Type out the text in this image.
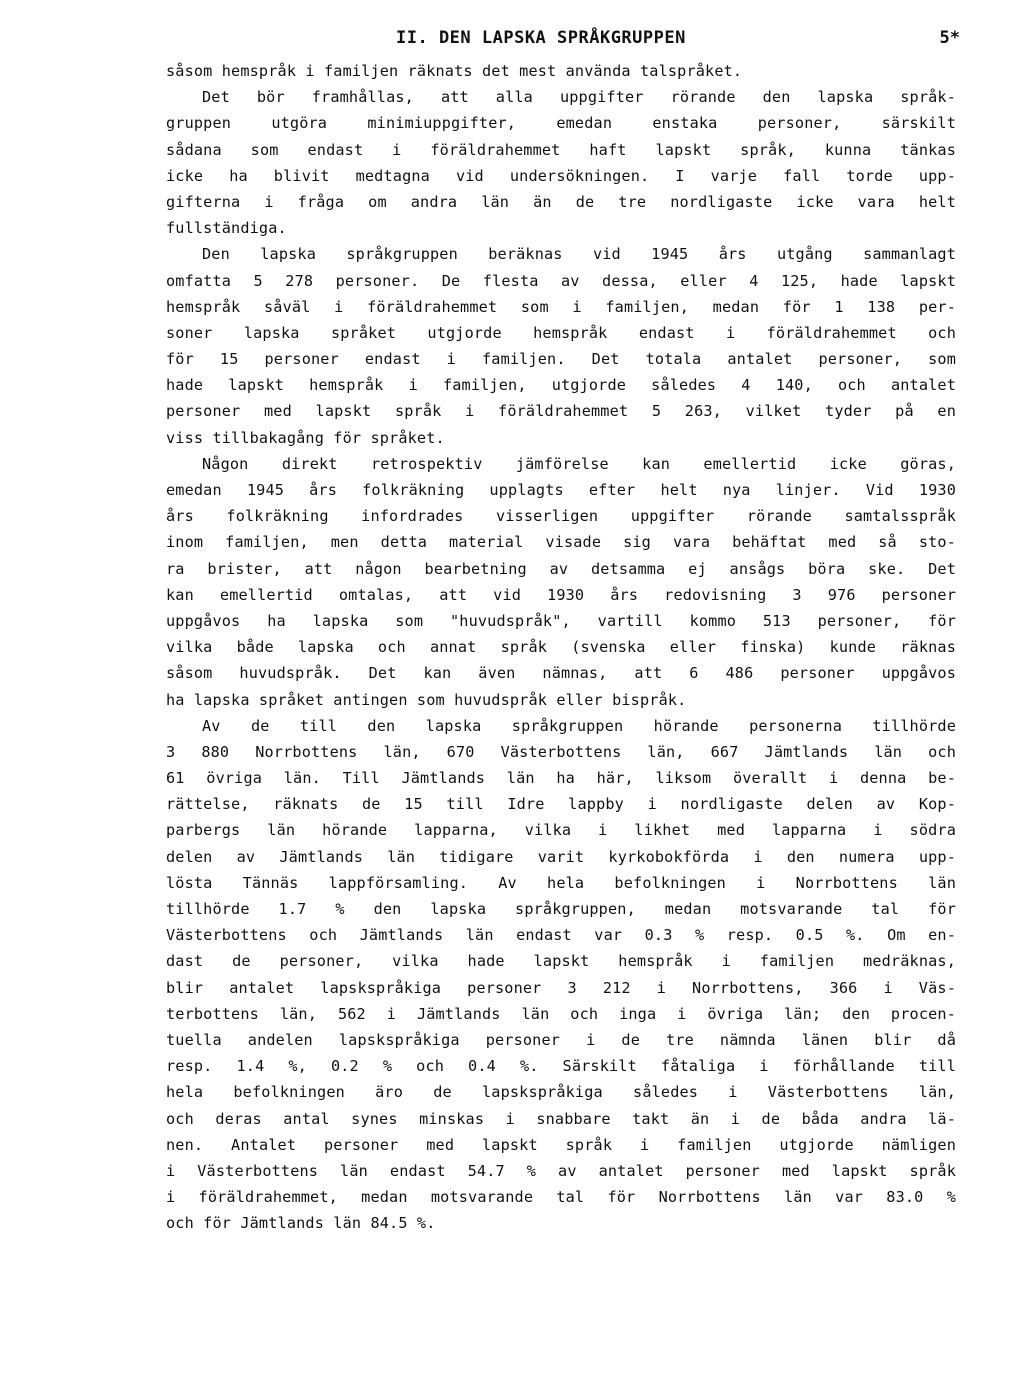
II. DEN LAPSKA SPRÅKGRUPPEN	5*
såsom hemspråk i familjen räknats det mest använda talspråket.
Det bör framhållas, att alla uppgifter rörande den lapska språk-
gruppen utgöra minimiuppgifter, emedan enstaka personer, särskilt
sådana som endast i föräldrahemmet haft lapskt språk, kunna tänkas
icke ha blivit medtagna vid undersökningen. I varje fall torde upp-
gifterna i fråga om andra län än de tre nordligaste icke vara helt
fullständiga.
Den lapska språkgruppen beräknas vid 1945 års utgång sammanlagt
omfatta 5 278 personer. De flesta av dessa, eller 4 125, hade lapskt
hemspråk såväl i föräldrahemmet som i familjen, medan för 1 138 per-
soner lapska språket utgjorde hemspråk endast i föräldrahemmet och
för 15 personer endast i familjen. Det totala antalet personer, som
hade lapskt hemspråk i familjen, utgjorde således 4 140, och antalet
personer med lapskt språk i föräldrahemmet 5 263, vilket tyder på en
viss tillbakagång för språket.
Någon direkt retrospektiv jämförelse kan emellertid icke göras,
emedan 1945 års folkräkning upplagts efter helt nya linjer. Vid 1930
års folkräkning infordrades visserligen uppgifter rörande samtalsspråk
inom familjen, men detta material visade sig vara behäftat med så sto-
ra brister, att någon bearbetning av detsamma ej ansågs böra ske. Det
kan emellertid omtalas, att vid 1930 års redovisning 3 976 personer
uppgåvos ha lapska som "huvudspråk", vartill kommo 513 personer, för
vilka både lapska och annat språk (svenska eller finska) kunde räknas
såsom huvudspråk. Det kan även nämnas, att 6 486 personer uppgåvos
ha lapska språket antingen som huvudspråk eller bispråk.
Av de till den lapska språkgruppen hörande personerna tillhörde
3 880 Norrbottens län, 670 Västerbottens län, 667 Jämtlands län och
61 övriga län. Till Jämtlands län ha här, liksom överallt i denna be-
rättelse, räknats de 15 till Idre lappby i nordligaste delen av Kop-
parbergs län hörande lapparna, vilka i likhet med lapparna i södra
delen av Jämtlands län tidigare varit kyrkobokförda i den numera upp-
lösta Tännäs lappförsamling. Av hela befolkningen i Norrbottens län
tillhörde 1.7 % den lapska språkgruppen, medan motsvarande tal för
Västerbottens och Jämtlands län endast var 0.3 % resp. 0.5 %. Om en-
dast de personer, vilka hade lapskt hemspråk i familjen medräknas,
blir antalet lapskspråkiga personer 3 212 i Norrbottens, 366 i Väs-
terbottens län, 562 i Jämtlands län och inga i övriga län; den procen-
tuella andelen lapskspråkiga personer i de tre nämnda länen blir då
resp. 1.4 %, 0.2 % och 0.4 %. Särskilt fåtaliga i förhållande till
hela befolkningen äro de lapskspråkiga således i Västerbottens län,
och deras antal synes minskas i snabbare takt än i de båda andra lä-
nen. Antalet personer med lapskt språk i familjen utgjorde nämligen
i Västerbottens län endast 54.7 % av antalet personer med lapskt språk
i föräldrahemmet, medan motsvarande tal för Norrbottens län var 83.0 %
och för Jämtlands län 84.5 %.
